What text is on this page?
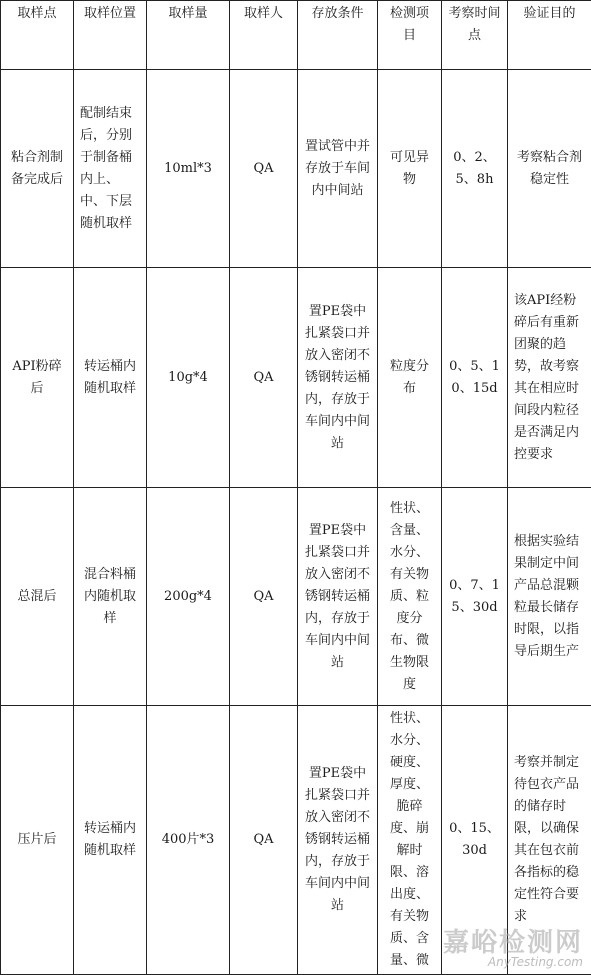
取样点	取样位置	取样量	取样人	存放条件	检测项目	考察时间点	验证目的
粘合剂制备完成后	配制结束后，分别于制备桶内上、中、下层随机取样	10ml*3	QA	置试管中并存放于车间内中间站	可见异物	0、2、5、8h	考察粘合剂稳定性
API粉碎后	转运桶内随机取样	10g*4	QA	置PE袋中扎紧袋口并放入密闭不锈钢转运桶内，存放于车间内中间站	粒度分布	0、5、10、15d	该API经粉碎后有重新团聚的趋势，故考察其在相应时间段内粒径是否满足内控要求
总混后	混合料桶内随机取样	200g*4	QA	置PE袋中扎紧袋口并放入密闭不锈钢转运桶内，存放于车间内中间站	性状、含量、水分、有关物质、粒度分布、微生物限度	0、7、15、30d	根据实验结果制定中间产品总混颗粒最长储存时限，以指导后期生产
压片后	转运桶内随机取样	400片*3	QA	置PE袋中扎紧袋口并放入密闭不锈钢转运桶内，存放于车间内中间站	性状、水分、硬度、厚度、脆碎度、崩解时限、溶出度、有关物质、含量、微	0、15、30d	考察并制定待包衣产品的储存时限，以确保其在包衣前各指标的稳定性符合要求
嘉峪检测网
AnyTesting.com
